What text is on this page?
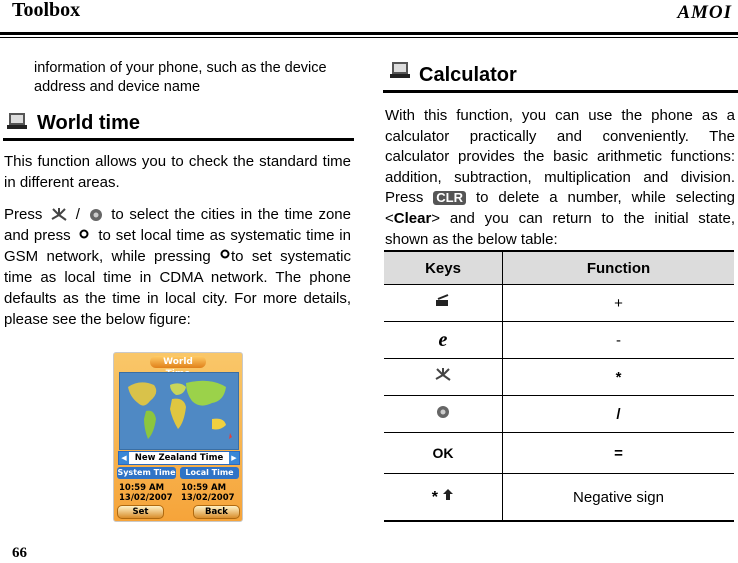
Toolbox	AMOI
information of your phone, such as the device address and device name
World time
This function allows you to check the standard time in different areas.
Press / to select the cities in the time zone and press to set local time as systematic time in GSM network, while pressing to set systematic time as local time in CDMA network. The phone defaults as the time in local city. For more details, please see the below figure:
World
◀ New Zealand Time	▶
System Time	Local Time
10:59 AM
13/02/2007
10:59 AM
13/02/2007
Set	Back
Calculator
With this function, you can use the phone as a calculator practically and conveniently. The calculator provides the basic arithmetic functions: addition, subtraction, multiplication and division. Press CLR to delete a number, while selecting <Clear> and you can return to the initial state, shown as the below table:
Keys	Function
	+
e	-
	*
	/
OK	=
*	Negative sign
66
